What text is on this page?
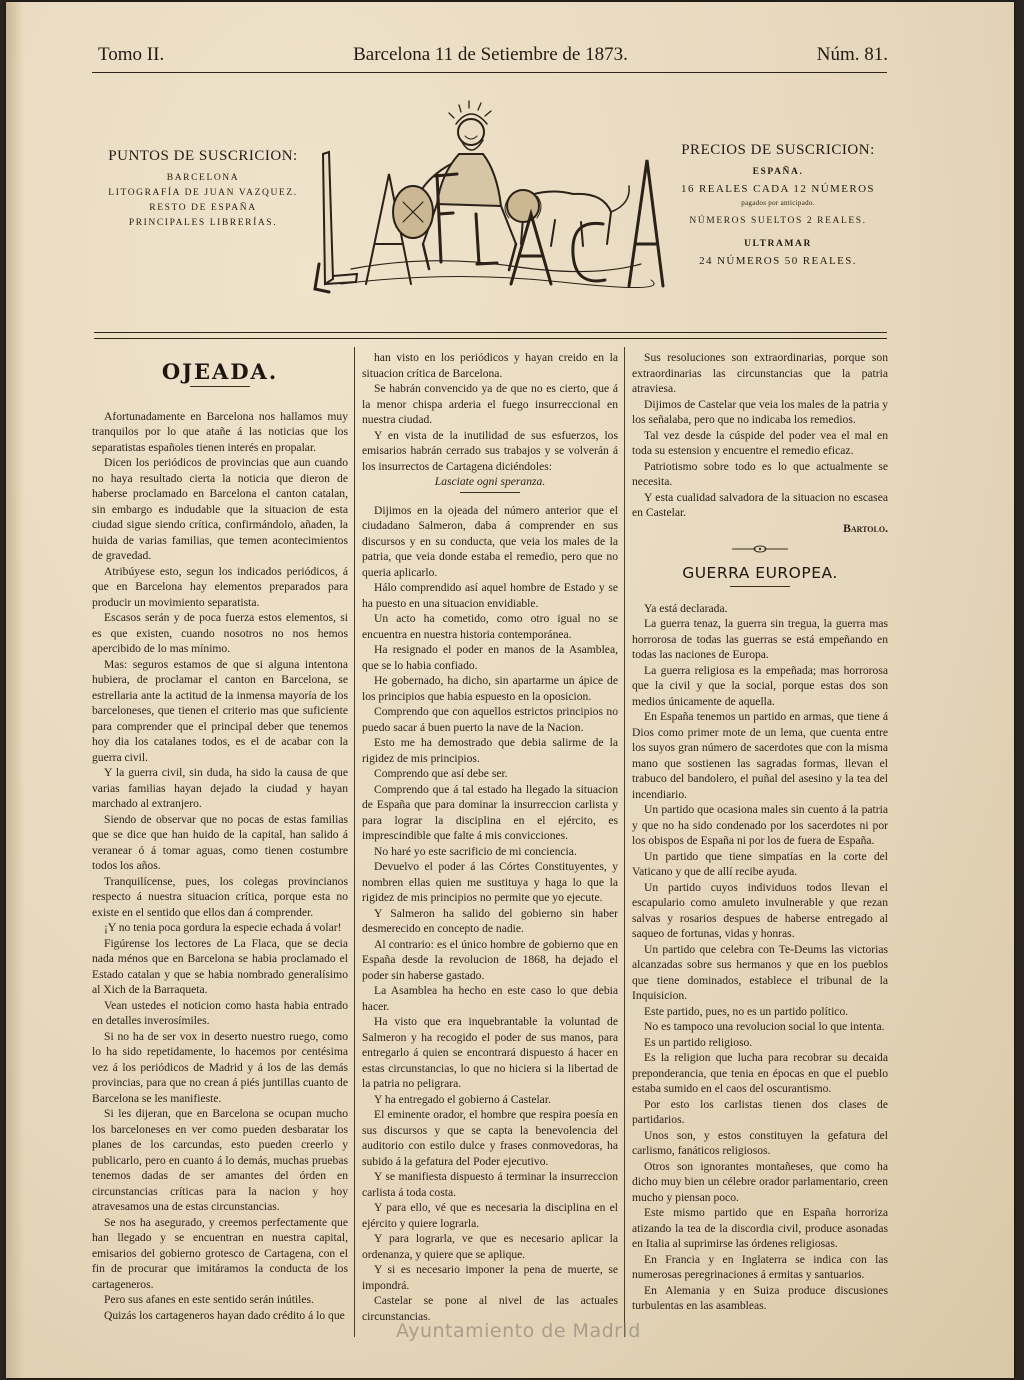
Tomo II.	Barcelona 11 de Setiembre de 1873.	Núm. 81.
PUNTOS DE SUSCRICION:
BARCELONA
LITOGRAFÍA DE JUAN VAZQUEZ.
RESTO DE ESPAÑA
PRINCIPALES LIBRERÍAS.
PRECIOS DE SUSCRICION:
ESPAÑA.
16 REALES CADA 12 NÚMEROS
pagados por anticipado.
NÚMEROS SUELTOS 2 REALES.
ULTRAMAR
24 NÚMEROS 50 REALES.
OJEADA.

Afortunadamente en Barcelona nos hallamos muy tranquilos por lo que atañe á las noticias que los separatistas españoles tienen interés en propalar.

Dicen los periódicos de provincias que aun cuando no haya resultado cierta la noticia que dieron de haberse proclamado en Barcelona el canton catalan, sin embargo es indudable que la situacion de esta ciudad sigue siendo crítica, confirmándolo, añaden, la huida de varias familias, que temen acontecimientos de gravedad.

Atribúyese esto, segun los indicados periódicos, á que en Barcelona hay elementos preparados para producir un movimiento separatista.

Escasos serán y de poca fuerza estos elementos, si es que existen, cuando nosotros no nos hemos apercibido de lo mas mínimo.

Mas: seguros estamos de que si alguna intentona hubiera, de proclamar el canton en Barcelona, se estrellaria ante la actitud de la inmensa mayoría de los barceloneses, que tienen el criterio mas que suficiente para comprender que el principal deber que tenemos hoy dia los catalanes todos, es el de acabar con la guerra civil.

Y la guerra civil, sin duda, ha sido la causa de que varias familias hayan dejado la ciudad y hayan marchado al extranjero.

Siendo de observar que no pocas de estas familias que se dice que han huido de la capital, han salido á veranear ó á tomar aguas, como tienen costumbre todos los años.

Tranquilícense, pues, los colegas provincianos respecto á nuestra situacion crítica, porque esta no existe en el sentido que ellos dan á comprender.

¡Y no tenia poca gordura la especie echada á volar!

Figúrense los lectores de La Flaca, que se decia nada ménos que en Barcelona se habia proclamado el Estado catalan y que se habia nombrado generalísimo al Xich de la Barraqueta.

Vean ustedes el noticion como hasta habia entrado en detalles inverosímiles.

Si no ha de ser vox in deserto nuestro ruego, como lo ha sido repetidamente, lo hacemos por centésima vez á los periódicos de Madrid y á los de las demás provincias, para que no crean á piés juntillas cuanto de Barcelona se les manifieste.

Si les dijeran, que en Barcelona se ocupan mucho los barceloneses en ver como pueden desbaratar los planes de los carcundas, esto pueden creerlo y publicarlo, pero en cuanto á lo demás, muchas pruebas tenemos dadas de ser amantes del órden en circunstancias críticas para la nacion y hoy atravesamos una de estas circunstancias.

Se nos ha asegurado, y creemos perfectamente que han llegado y se encuentran en nuestra capital, emisarios del gobierno grotesco de Cartagena, con el fin de procurar que imitáramos la conducta de los cartageneros.

Pero sus afanes en este sentido serán inútiles.

Quizás los cartageneros hayan dado crédito á lo que

han visto en los periódicos y hayan creido en la situacion crítica de Barcelona.

Se habrán convencido ya de que no es cierto, que á la menor chispa arderia el fuego insurreccional en nuestra ciudad.

Y en vista de la inutilidad de sus esfuerzos, los emisarios habrán cerrado sus trabajos y se volverán á los insurrectos de Cartagena diciéndoles:

Lasciate ogni speranza.

Dijimos en la ojeada del número anterior que el ciudadano Salmeron, daba á comprender en sus discursos y en su conducta, que veia los males de la patria, que veia donde estaba el remedio, pero que no queria aplicarlo.

Hálo comprendido así aquel hombre de Estado y se ha puesto en una situacion envidiable.

Un acto ha cometido, como otro igual no se encuentra en nuestra historia contemporánea.

Ha resignado el poder en manos de la Asamblea, que se lo habia confiado.

He gobernado, ha dicho, sin apartarme un ápice de los principios que habia espuesto en la oposicion.

Comprendo que con aquellos estrictos principios no puedo sacar á buen puerto la nave de la Nacion.

Esto me ha demostrado que debia salirme de la rigidez de mis principios.

Comprendo que así debe ser.

Comprendo que á tal estado ha llegado la situacion de España que para dominar la insurreccion carlista y para lograr la disciplina en el ejército, es imprescindible que falte á mis convicciones.

No haré yo este sacrificio de mi conciencia.

Devuelvo el poder á las Córtes Constituyentes, y nombren ellas quien me sustituya y haga lo que la rigidez de mis principios no permite que yo ejecute.

Y Salmeron ha salido del gobierno sin haber desmerecido en concepto de nadie.

Al contrario: es el único hombre de gobierno que en España desde la revolucion de 1868, ha dejado el poder sin haberse gastado.

La Asamblea ha hecho en este caso lo que debia hacer.

Ha visto que era inquebrantable la voluntad de Salmeron y ha recogido el poder de sus manos, para entregarlo á quien se encontrará dispuesto á hacer en estas circunstancias, lo que no hiciera si la libertad de la patria no peligrara.

Y ha entregado el gobierno á Castelar.

El eminente orador, el hombre que respira poesía en sus discursos y que se capta la benevolencia del auditorio con estilo dulce y frases conmovedoras, ha subido á la gefatura del Poder ejecutivo.

Y se manifiesta dispuesto á terminar la insurreccion carlista á toda costa.

Y para ello, vé que es necesaria la disciplina en el ejército y quiere lograrla.

Y para lograrla, ve que es necesario aplicar la ordenanza, y quiere que se aplique.

Y si es necesario imponer la pena de muerte, se impondrá.

Castelar se pone al nivel de las actuales circunstancias.

Sus resoluciones son extraordinarias, porque son extraordinarias las circunstancias que la patria atraviesa.

Dijimos de Castelar que veia los males de la patria y los señalaba, pero que no indicaba los remedios.

Tal vez desde la cúspide del poder vea el mal en toda su estension y encuentre el remedio eficaz.

Patriotismo sobre todo es lo que actualmente se necesita.

Y esta cualidad salvadora de la situacion no escasea en Castelar.

Bartolo.

GUERRA EUROPEA.

Ya está declarada.

La guerra tenaz, la guerra sin tregua, la guerra mas horrorosa de todas las guerras se está empeñando en todas las naciones de Europa.

La guerra religiosa es la empeñada; mas horrorosa que la civil y que la social, porque estas dos son medios únicamente de aquella.

En España tenemos un partido en armas, que tiene á Dios como primer mote de un lema, que cuenta entre los suyos gran número de sacerdotes que con la misma mano que sostienen las sagradas formas, llevan el trabuco del bandolero, el puñal del asesino y la tea del incendiario.

Un partido que ocasiona males sin cuento á la patria y que no ha sido condenado por los sacerdotes ni por los obispos de España ni por los de fuera de España.

Un partido que tiene simpatías en la corte del Vaticano y que de allí recibe ayuda.

Un partido cuyos individuos todos llevan el escapulario como amuleto invulnerable y que rezan salvas y rosarios despues de haberse entregado al saqueo de fortunas, vidas y honras.

Un partido que celebra con Te-Deums las victorias alcanzadas sobre sus hermanos y que en los pueblos que tiene dominados, establece el tribunal de la Inquisicion.

Este partido, pues, no es un partido político.

No es tampoco una revolucion social lo que intenta.

Es un partido religioso.

Es la religion que lucha para recobrar su decaida preponderancia, que tenia en épocas en que el pueblo estaba sumido en el caos del oscurantismo.

Por esto los carlistas tienen dos clases de partidarios.

Unos son, y estos constituyen la gefatura del carlismo, fanáticos religiosos.

Otros son ignorantes montañeses, que como ha dicho muy bien un célebre orador parlamentario, creen mucho y piensan poco.

Este mismo partido que en España horroriza atizando la tea de la discordia civil, produce asonadas en Italia al suprimirse las órdenes religiosas.

En Francia y en Inglaterra se indica con las numerosas peregrinaciones á ermitas y santuarios.

En Alemania y en Suiza produce discusiones turbulentas en las asambleas.

Ayuntamiento de Madrid
